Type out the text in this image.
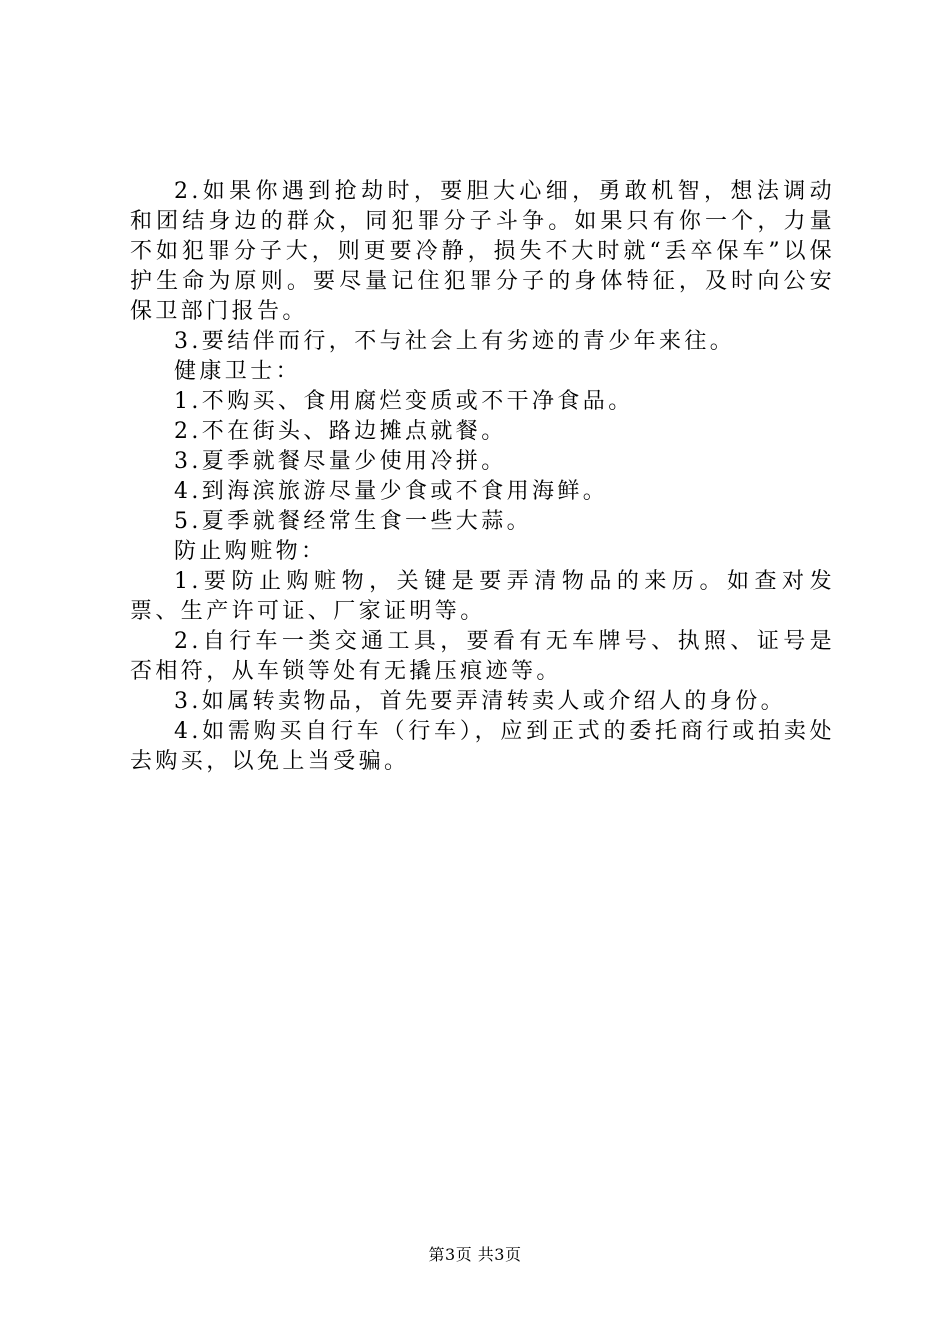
2.如果你遇到抢劫时，要胆大心细，勇敢机智，想法调动和团结身边的群众，同犯罪分子斗争。如果只有你一个，力量不如犯罪分子大，则更要冷静，损失不大时就“丢卒保车”以保护生命为原则。要尽量记住犯罪分子的身体特征，及时向公安保卫部门报告。

3.要结伴而行，不与社会上有劣迹的青少年来往。

健康卫士：

1.不购买、食用腐烂变质或不干净食品。

2.不在街头、路边摊点就餐。

3.夏季就餐尽量少使用冷拼。

4.到海滨旅游尽量少食或不食用海鲜。

5.夏季就餐经常生食一些大蒜。

防止购赃物：

1.要防止购赃物，关键是要弄清物品的来历。如查对发票、生产许可证、厂家证明等。

2.自行车一类交通工具，要看有无车牌号、执照、证号是否相符，从车锁等处有无撬压痕迹等。

3.如属转卖物品，首先要弄清转卖人或介绍人的身份。

4.如需购买自行车（行车），应到正式的委托商行或拍卖处去购买，以免上当受骗。

第3页 共3页
